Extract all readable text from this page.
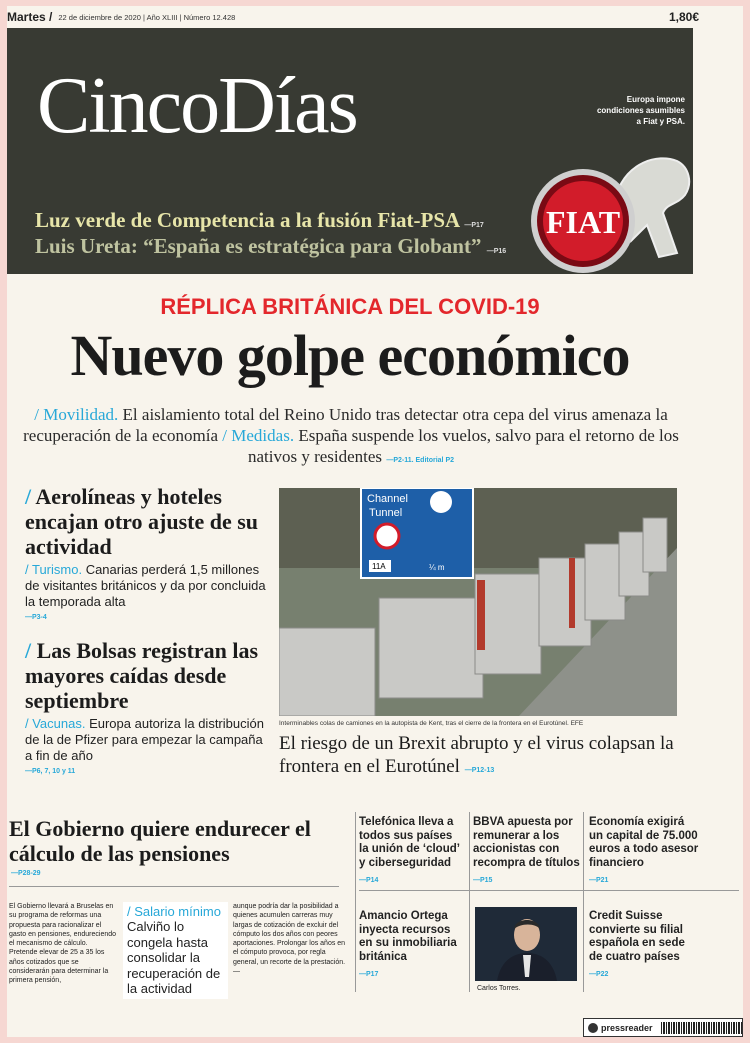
Martes / 22 de diciembre de 2020 | Año XLIII | Número 12.428	1,80€
CincoDías	Europa impone condiciones asumibles a Fiat y PSA.
Luz verde de Competencia a la fusión Fiat-PSA —P17
Luis Ureta: “España es estratégica para Globant” —P16
FIAT
RÉPLICA BRITÁNICA DEL COVID-19
Nuevo golpe económico
/ Movilidad. El aislamiento total del Reino Unido tras detectar otra cepa del virus amenaza la recuperación de la economía / Medidas. España suspende los vuelos, salvo para el retorno de los nativos y residentes —P2-11. Editorial P2
/ Aerolíneas y hoteles encajan otro ajuste de su actividad

/ Turismo. Canarias perderá 1,5 millones de visitantes británicos y da por concluida la temporada alta

—P3-4
/ Las Bolsas registran las mayores caídas desde septiembre

/ Vacunas. Europa autoriza la distribución de la de Pfizer para empezar la campaña a fin de año

—P6, 7, 10 y 11
Channel
Tunnel
11A	¼ m
Interminables colas de camiones en la autopista de Kent, tras el cierre de la frontera en el Eurotúnel. EFE
El riesgo de un Brexit abrupto y el virus colapsan la frontera en el Eurotúnel —P12-13
El Gobierno quiere endurecer el cálculo de las pensiones
—P28-29
El Gobierno llevará a Bruselas en su programa de reformas una propuesta para racionalizar el gasto en pensiones, endureciendo el mecanismo de cálculo. Pretende elevar de 25 a 35 los años cotizados que se considerarán para determinar la primera pensión,
/ Salario mínimo
Calviño lo congela hasta consolidar la recuperación de la actividad
aunque podría dar la posibilidad a quienes acumulen carreras muy largas de cotización de excluir del cómputo los dos años con peores aportaciones. Prolongar los años en el cómputo provoca, por regla general, un recorte de la prestación.—
Telefónica lleva a todos sus países la unión de ‘cloud’ y ciberseguridad
—P14
BBVA apuesta por remunerar a los accionistas con recompra de títulos
—P15
Economía exigirá un capital de 75.000 euros a todo asesor financiero
—P21
Amancio Ortega inyecta recursos en su inmobiliaria británica
—P17
Credit Suisse convierte su filial española en sede de cuatro países
—P22
Carlos Torres.
pressreader
